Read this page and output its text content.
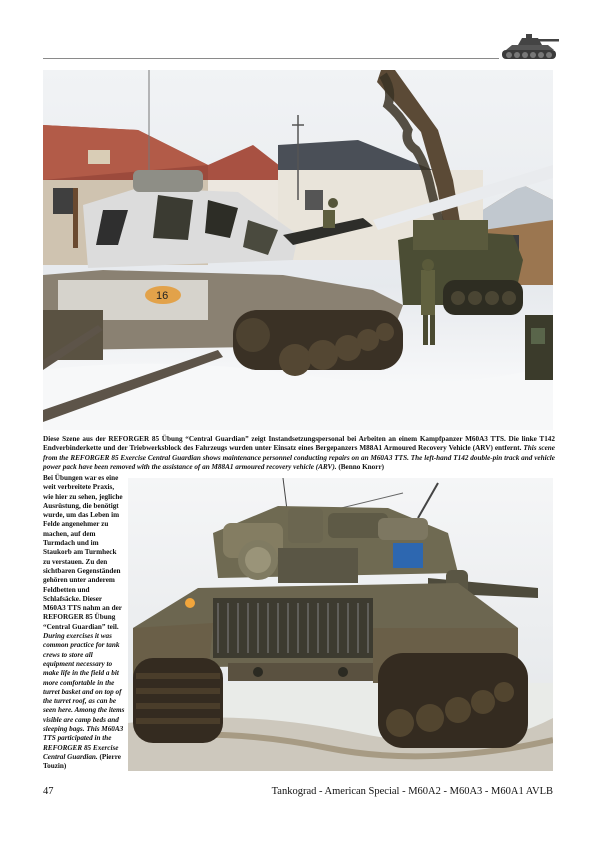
16
Diese Szene aus der REFORGER 85 Übung “Central Guardian” zeigt Instandsetzungspersonal bei Arbeiten an einem Kampfpanzer M60A3 TTS. Die linke T142 Endverbinderkette und der Triebwerksblock des Fahrzeugs wurden unter Einsatz eines Bergepanzers M88A1 Armoured Recovery Vehicle (ARV) entfernt. This scene from the REFORGER 85 Exercise Central Guardian shows maintenance personnel conducting repairs on an M60A3 TTS. The left-hand T142 double-pin track and vehicle power pack have been removed with the assistance of an M88A1 armoured recovery vehicle (ARV). (Benno Knorr)
Bei Übungen war es eine weit verbreitete Praxis, wie hier zu sehen, jegliche Ausrüstung, die benötigt wurde, um das Leben im Felde angenehmer zu machen, auf dem Turmdach und im Staukorb am Turmheck zu verstauen. Zu den sichtbaren Gegenständen gehören unter anderem Feldbetten und Schlafsäcke. Dieser M60A3 TTS nahm an der REFORGER 85 Übung “Central Guardian” teil. During exercises it was common practice for tank crews to store all equipment necessary to make life in the field a bit more comfortable in the turret basket and on top of the turret roof, as can be seen here. Among the items visible are camp beds and sleeping bags. This M60A3 TTS participated in the REFORGER 85 Exercise Central Guardian. (Pierre Touzin)
47	Tankograd - American Special - M60A2 - M60A3 - M60A1 AVLB
